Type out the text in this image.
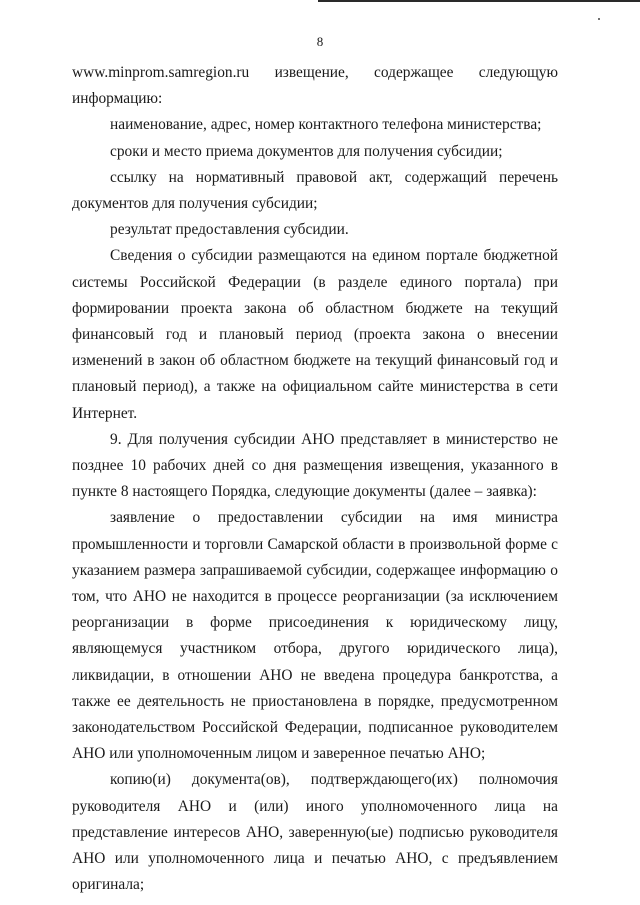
8
www.minprom.samregion.ru извещение, содержащее следующую

информацию:

наименование, адрес, номер контактного телефона министерства;

сроки и место приема документов для получения субсидии;

ссылку на нормативный правовой акт, содержащий перечень документов для получения субсидии;

результат предоставления субсидии.

Сведения о субсидии размещаются на едином портале бюджетной системы Российской Федерации (в разделе единого портала) при формировании проекта закона об областном бюджете на текущий финансовый год и плановый период (проекта закона о внесении изменений в закон об областном бюджете на текущий финансовый год и плановый период), а также на официальном сайте министерства в сети Интернет.

9. Для получения субсидии АНО представляет в министерство не позднее 10 рабочих дней со дня размещения извещения, указанного в пункте 8 настоящего Порядка, следующие документы (далее – заявка):

заявление о предоставлении субсидии на имя министра промышленности и торговли Самарской области в произвольной форме с указанием размера запрашиваемой субсидии, содержащее информацию о том, что АНО не находится в процессе реорганизации (за исключением реорганизации в форме присоединения к юридическому лицу, являющемуся участником отбора, другого юридического лица), ликвидации, в отношении АНО не введена процедура банкротства, а также ее деятельность не приостановлена в порядке, предусмотренном законодательством Российской Федерации, подписанное руководителем АНО или уполномоченным лицом и заверенное печатью АНО;

копию(и) документа(ов), подтверждающего(их) полномочия руководителя АНО и (или) иного уполномоченного лица на представление интересов АНО, заверенную(ые) подписью руководителя АНО или уполномоченного лица и печатью АНО, с предъявлением оригинала;
